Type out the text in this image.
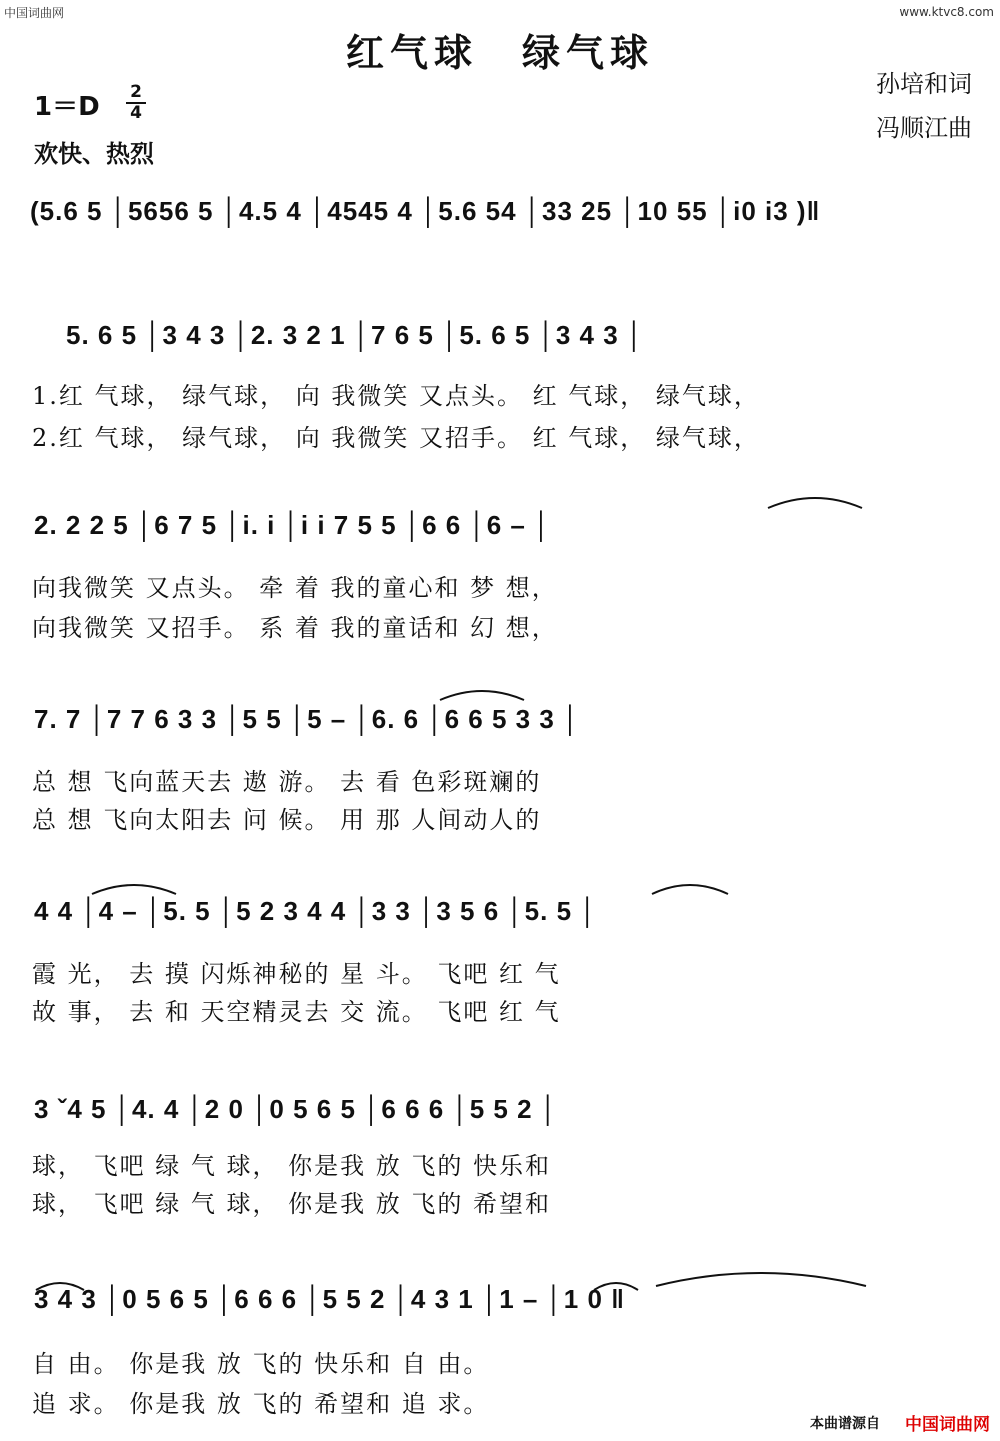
中国词曲网	www.ktvc8.com
红气球　绿气球
孙培和词
冯顺江曲
1＝D 2
4
欢快、热烈
(5.6 5 │5656 5 │4.5 4 │4545 4 │5.6 54 │33 25 │10 55 │i0 i3 )‖
5. 6 5 │3 4 3 │2. 3 2 1 │7 6 5 │5. 6 5 │3 4 3 │
1.红 气球， 绿气球， 向 我微笑 又点头。 红 气球， 绿气球，
2.红 气球， 绿气球， 向 我微笑 又招手。 红 气球， 绿气球，
2. 2 2 5 │6 7 5 │i. i │i i 7 5 5 │6 6 │6 – │
向我微笑 又点头。 牵 着 我的童心和 梦 想，
向我微笑 又招手。 系 着 我的童话和 幻 想，
7. 7 │7 7 6 3 3 │5 5 │5 – │6. 6 │6 6 5 3 3 │
总 想 飞向蓝天去 遨 游。 去 看 色彩斑斓的
总 想 飞向太阳去 问 候。 用 那 人间动人的
4 4 │4 – │5. 5 │5 2 3 4 4 │3 3 │3 5 6 │5. 5 │
霞 光， 去 摸 闪烁神秘的 星 斗。 飞吧 红 气
故 事， 去 和 天空精灵去 交 流。 飞吧 红 气
3 ˇ4 5 │4. 4 │2 0 │0 5 6 5 │6 6 6 │5 5 2 │
球， 飞吧 绿 气 球， 你是我 放 飞的 快乐和
球， 飞吧 绿 气 球， 你是我 放 飞的 希望和
3 4 3 │0 5 6 5 │6 6 6 │5 5 2 │4 3 1 │1 – │1 0 ‖
自 由。 你是我 放 飞的 快乐和 自 由。
追 求。 你是我 放 飞的 希望和 追 求。
本曲谱源自 中国词曲网
